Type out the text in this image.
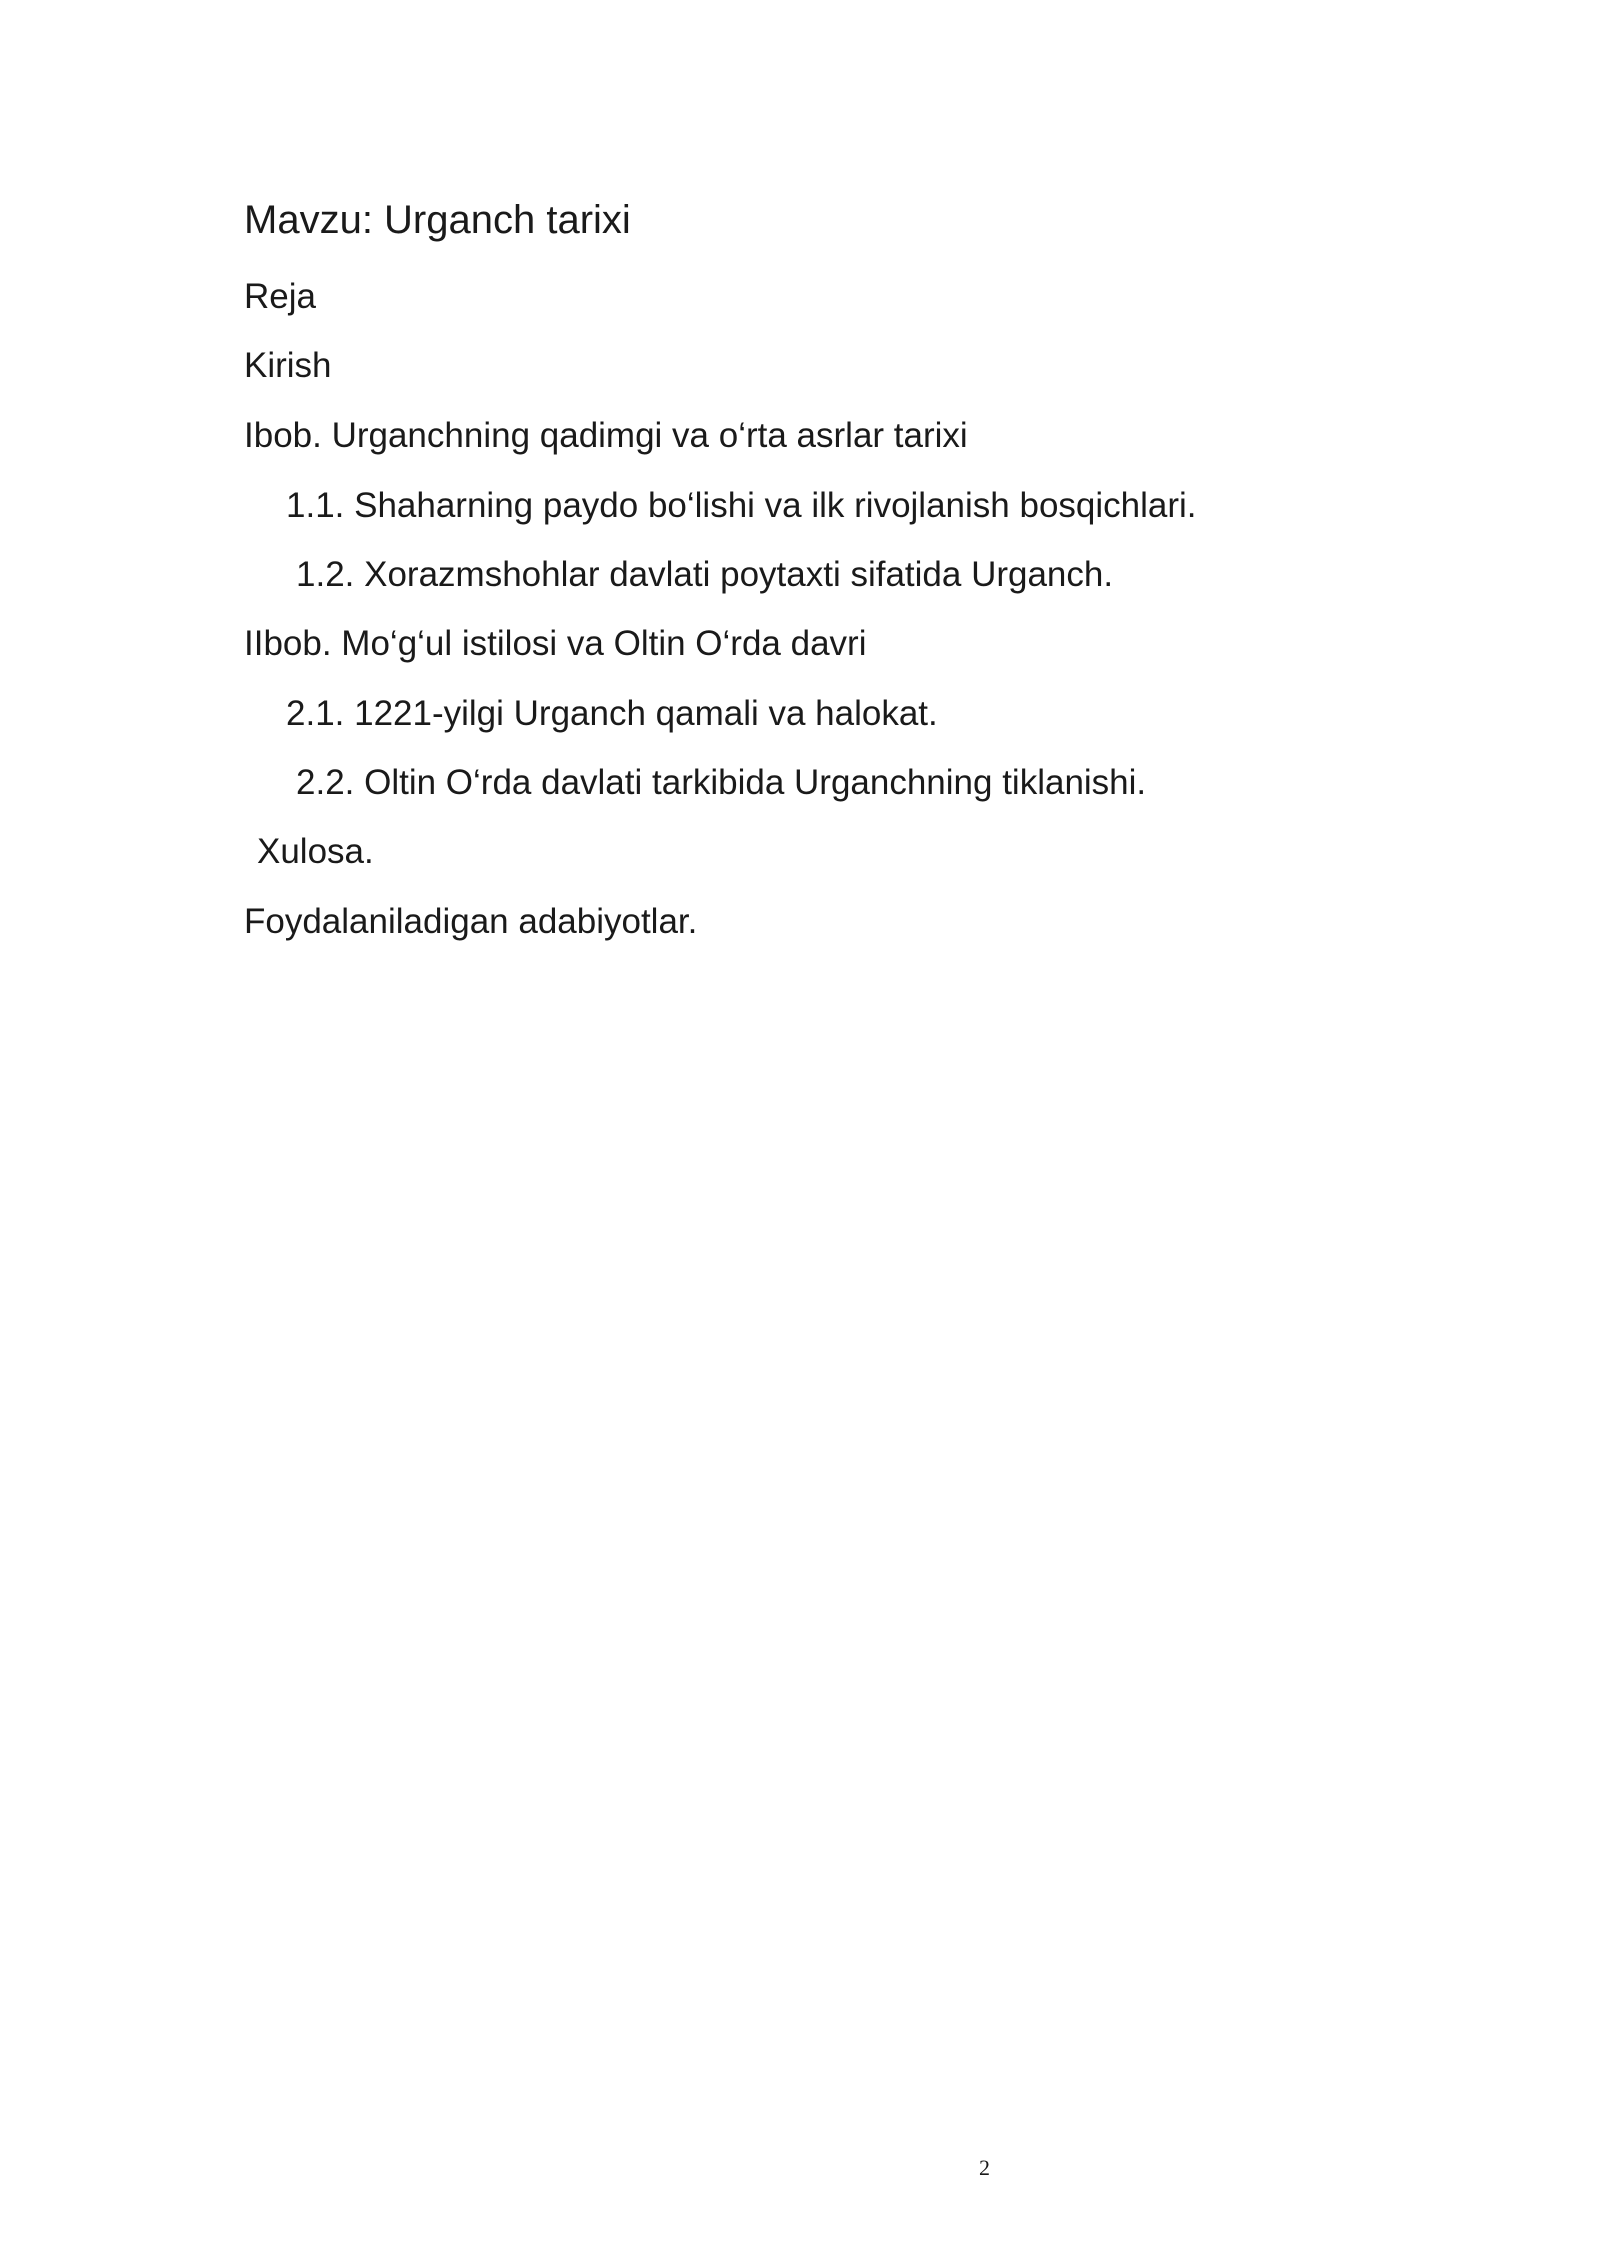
Mavzu: Urganch tarixi
Reja
Kirish
Ibob. Urganchning qadimgi va o‘rta asrlar tarixi
1.1. Shaharning paydo bo‘lishi va ilk rivojlanish bosqichlari.
1.2. Xorazmshohlar davlati poytaxti sifatida Urganch.
IIbob. Mo‘g‘ul istilosi va Oltin O‘rda davri
2.1. 1221-yilgi Urganch qamali va halokat.
2.2. Oltin O‘rda davlati tarkibida Urganchning tiklanishi.
Xulosa.
Foydalaniladigan adabiyotlar.
2
